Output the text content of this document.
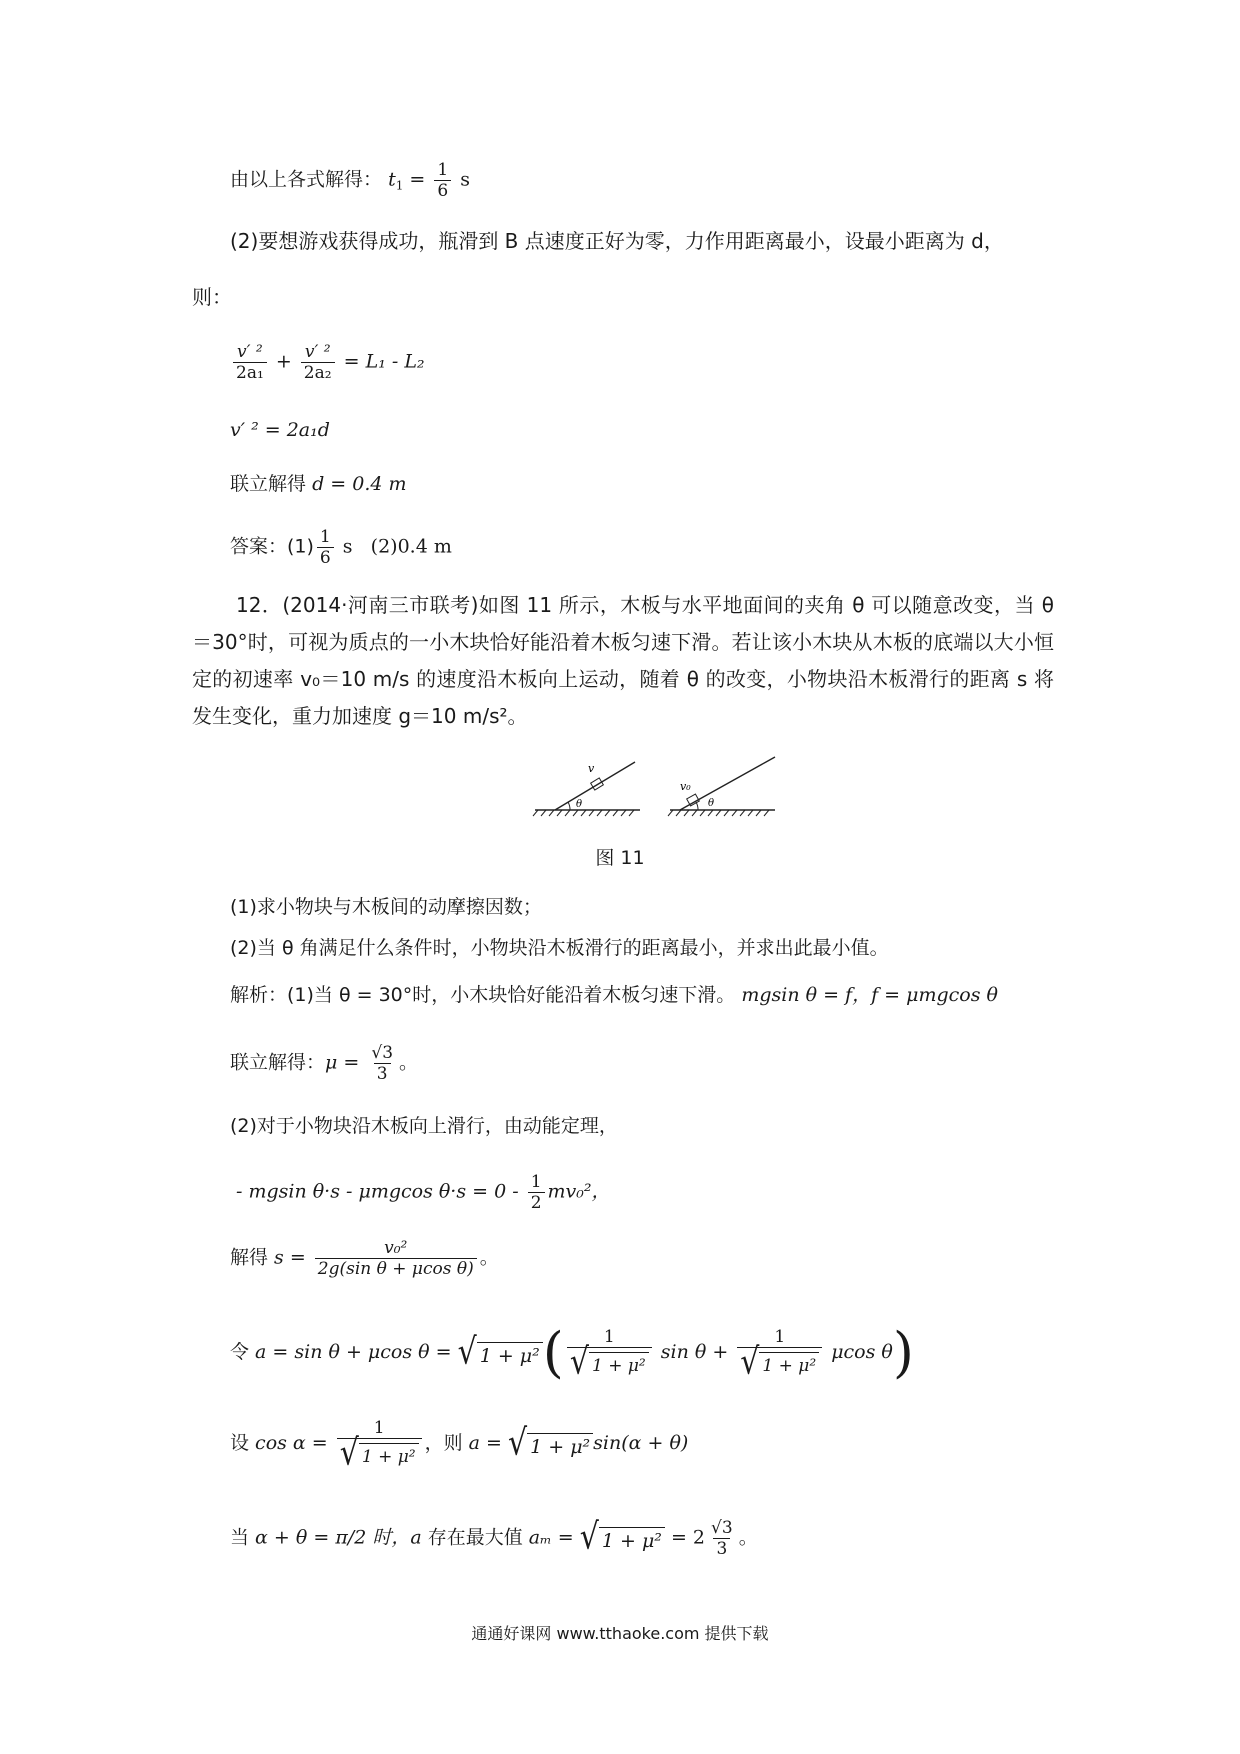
由以上各式解得： $t_1 = \frac{1}{6}$ s
(2)要想游戏获得成功，瓶滑到 B 点速度正好为零，力作用距离最小，设最小距离为 d，
则：
$\frac{\text{v′ ²}}{\text{2a₁}} + \frac{\text{v′ ²}}{\text{2a₂}} = L_1 - L_2$
v′ ² = 2a₁d
联立解得 d = 0.4 m
答案：$(1) \frac{1}{6}$ s (2)0.4 m
12．(2014·河南三市联考)如图 11 所示，木板与水平地面间的夹角 θ 可以随意改变，当 θ＝30°时，可视为质点的一小木块恰好能沿着木板匀速下滑。若让该小木块从木板的底端以大小恒定的初速率 v₀＝10 m/s 的速度沿木板向上运动，随着 θ 的改变，小物块沿木板滑行的距离 s 将发生变化，重力加速度 g＝10 m/s²。
v
θ
v₀
θ
图 11
(1)求小物块与木板间的动摩擦因数；
(2)当 θ 角满足什么条件时，小物块沿木板滑行的距离最小，并求出此最小值。
解析：(1)当 θ = 30°时，小木块恰好能沿着木板匀速下滑。 mgsin θ = f，f = μmgcos θ
联立解得：$\mu = \frac{√3}{3}$ 。
(2)对于小物块沿木板向上滑行，由动能定理，
- mgsin θ·s - μmgcos $\theta\cdot s = 0 - \frac{1}{2} mv_0^2$，
解得 $s = \frac{\text{v₀²}}{\text{2g(sin θ + μcos θ)}}$ 。
令 a = sin θ + μcos θ = √ 1 + μ² ( $\frac{1}{\text{√ 1 + μ²}}$ $\sin \theta + \frac{1}{\text{√ 1 + μ²}}$ μcos θ)
设 $\cos \alpha = \frac{1}{\text{√ 1 + μ²}}$ ，则 a = √ 1 + μ² sin(α + θ)
当 α + θ = π/2 时，a 存在最大值 aₘ = √ $1 + \mu^2 = 2 \frac{√3}{3}$ 。
通通好课网 www.tthaoke.com 提供下载
